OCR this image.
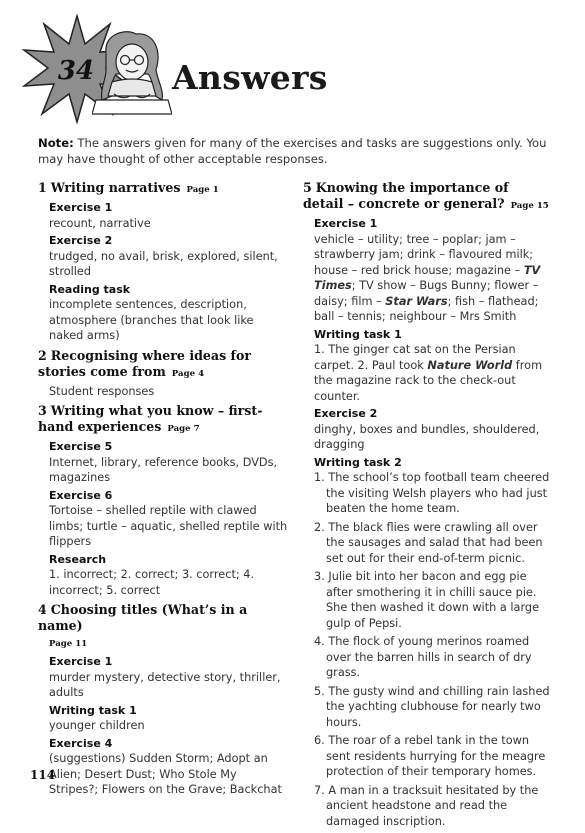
34	Answers
Note: The answers given for many of the exercises and tasks are suggestions only. You may have thought of other acceptable responses.
1 Writing narratives Page 1
Exercise 1
recount, narrative
Exercise 2
trudged, no avail, brisk, explored, silent, strolled
Reading task
incomplete sentences, description, atmosphere (branches that look like naked arms)
2 Recognising where ideas for stories come from Page 4
Student responses
3 Writing what you know – first-hand experiences Page 7
Exercise 5
Internet, library, reference books, DVDs, magazines
Exercise 6
Tortoise – shelled reptile with clawed limbs; turtle – aquatic, shelled reptile with flippers
Research
1. incorrect; 2. correct; 3. correct; 4. incorrect; 5. correct
4 Choosing titles (What’s in a name)
Page 11
Exercise 1
murder mystery, detective story, thriller, adults
Writing task 1
younger children
Exercise 4
(suggestions) Sudden Storm; Adopt an Alien; Desert Dust; Who Stole My Stripes?; Flowers on the Grave; Backchat
5 Knowing the importance of detail – concrete or general? Page 15
Exercise 1
vehicle – utility; tree – poplar; jam – strawberry jam; drink – flavoured milk; house – red brick house; magazine – TV Times; TV show – Bugs Bunny; flower – daisy; film – Star Wars; fish – flathead; ball – tennis; neighbour – Mrs Smith
Writing task 1
1. The ginger cat sat on the Persian carpet. 2. Paul took Nature World from the magazine rack to the check-out counter.
Exercise 2
dinghy, boxes and bundles, shouldered, dragging
Writing task 2
1. The school’s top football team cheered the visiting Welsh players who had just beaten the home team.
2. The black flies were crawling all over the sausages and salad that had been set out for their end-of-term picnic.
3. Julie bit into her bacon and egg pie after smothering it in chilli sauce pie. She then washed it down with a large gulp of Pepsi.
4. The flock of young merinos roamed over the barren hills in search of dry grass.
5. The gusty wind and chilling rain lashed the yachting clubhouse for nearly two hours.
6. The roar of a rebel tank in the town sent residents hurrying for the meagre protection of their temporary homes.
7. A man in a tracksuit hesitated by the ancient headstone and read the damaged inscription.
114
